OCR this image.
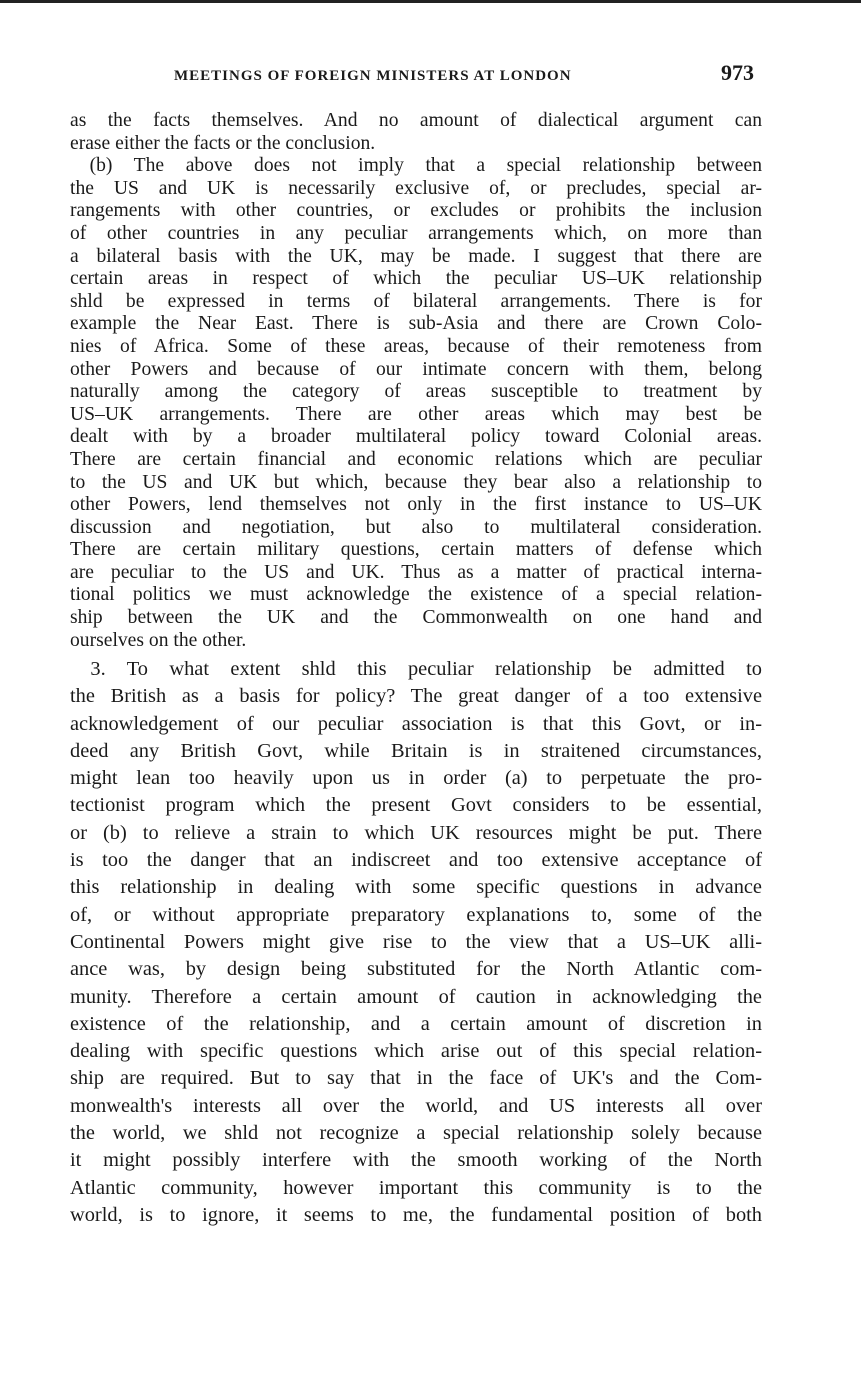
MEETINGS OF FOREIGN MINISTERS AT LONDON	973
as the facts themselves. And no amount of dialectical argument can
erase either the facts or the conclusion.
 (b) The above does not imply that a special relationship between
the US and UK is necessarily exclusive of, or precludes, special ar-
rangements with other countries, or excludes or prohibits the inclusion
of other countries in any peculiar arrangements which, on more than
a bilateral basis with the UK, may be made. I suggest that there are
certain areas in respect of which the peculiar US–UK relationship
shld be expressed in terms of bilateral arrangements. There is for
example the Near East. There is sub-Asia and there are Crown Colo-
nies of Africa. Some of these areas, because of their remoteness from
other Powers and because of our intimate concern with them, belong
naturally among the category of areas susceptible to treatment by
US–UK arrangements. There are other areas which may best be
dealt with by a broader multilateral policy toward Colonial areas.
There are certain financial and economic relations which are peculiar
to the US and UK but which, because they bear also a relationship to
other Powers, lend themselves not only in the first instance to US–UK
discussion and negotiation, but also to multilateral consideration.
There are certain military questions, certain matters of defense which
are peculiar to the US and UK. Thus as a matter of practical interna-
tional politics we must acknowledge the existence of a special relation-
ship between the UK and the Commonwealth on one hand and
ourselves on the other.
 3. To what extent shld this peculiar relationship be admitted to
the British as a basis for policy? The great danger of a too extensive
acknowledgement of our peculiar association is that this Govt, or in-
deed any British Govt, while Britain is in straitened circumstances,
might lean too heavily upon us in order (a) to perpetuate the pro-
tectionist program which the present Govt considers to be essential,
or (b) to relieve a strain to which UK resources might be put. There
is too the danger that an indiscreet and too extensive acceptance of
this relationship in dealing with some specific questions in advance
of, or without appropriate preparatory explanations to, some of the
Continental Powers might give rise to the view that a US–UK alli-
ance was, by design being substituted for the North Atlantic com-
munity. Therefore a certain amount of caution in acknowledging the
existence of the relationship, and a certain amount of discretion in
dealing with specific questions which arise out of this special relation-
ship are required. But to say that in the face of UK's and the Com-
monwealth's interests all over the world, and US interests all over
the world, we shld not recognize a special relationship solely because
it might possibly interfere with the smooth working of the North
Atlantic community, however important this community is to the
world, is to ignore, it seems to me, the fundamental position of both
